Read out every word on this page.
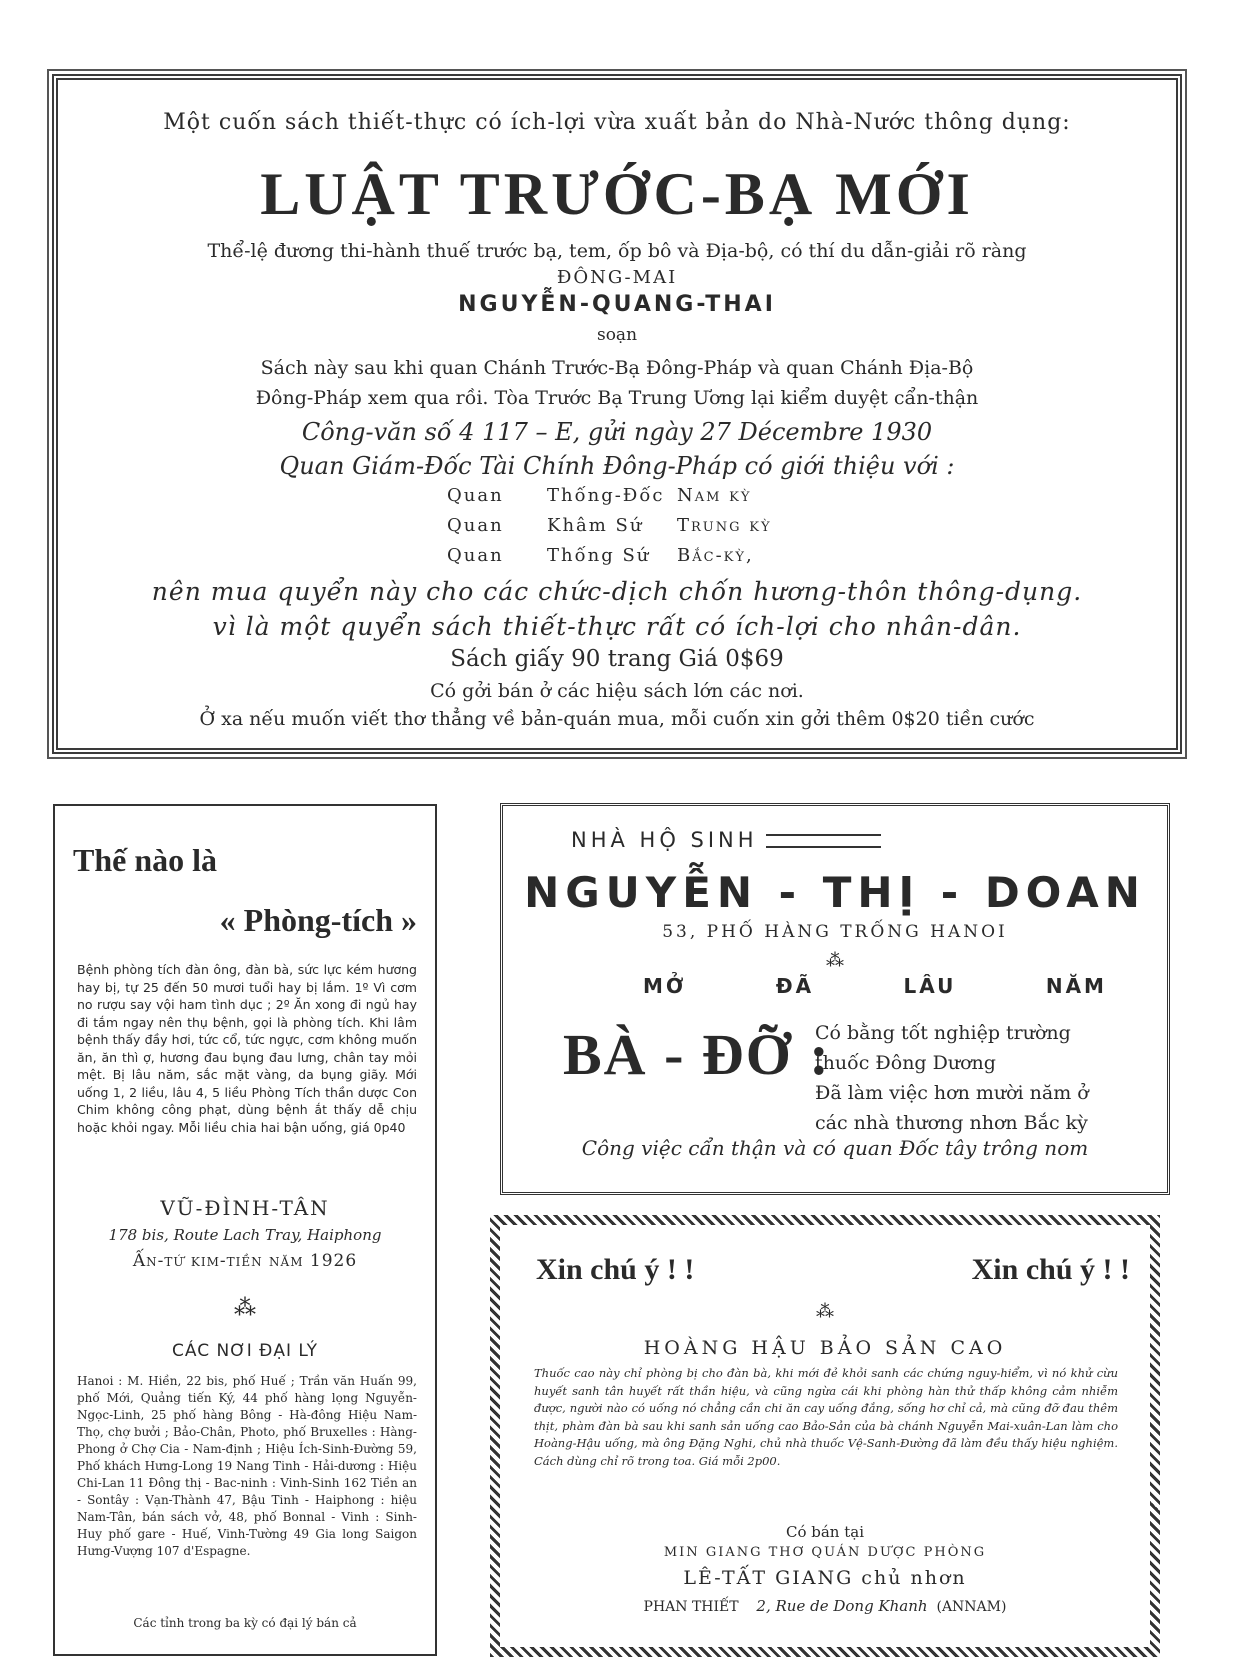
Một cuốn sách thiết-thực có ích-lợi vừa xuất bản do Nhà-Nước thông dụng:
LUẬT TRƯỚC-BẠ MỚI
Thể-lệ đương thi-hành thuế trước bạ, tem, ốp bô và Địa-bộ, có thí du dẫn-giải rõ ràng
ĐÔNG-MAI
NGUYỄN-QUANG-THAI
soạn
Sách này sau khi quan Chánh Trước-Bạ Đông-Pháp và quan Chánh Địa-Bộ
Đông-Pháp xem qua rồi. Tòa Trước Bạ Trung Ương lại kiểm duyệt cẩn-thận
Công-văn số 4 117 – E, gửi ngày 27 Décembre 1930
Quan Giám-Đốc Tài Chính Đông-Pháp có giới thiệu với :
Quan Thống-Đốc Nam kỳ
Quan Khâm Sứ Trung kỳ
Quan Thống Sứ Bắc-kỳ,
nên mua quyển này cho các chức-dịch chốn hương-thôn thông-dụng.
vì là một quyển sách thiết-thực rất có ích-lợi cho nhân-dân.
Sách giấy 90 trang Giá 0$69
Có gởi bán ở các hiệu sách lớn các nơi.
Ở xa nếu muốn viết thơ thẳng về bản-quán mua, mỗi cuốn xin gởi thêm 0$20 tiền cước
Thế nào là
« Phòng-tích »
Bệnh phòng tích đàn ông, đàn bà, sức lực kém hương hay bị, tự 25 đến 50 mươi tuổi hay bị lắm. 1º Vì cơm no rượu say vội ham tình dục ; 2º Ăn xong đi ngủ hay đi tắm ngay nên thụ bệnh, gọi là phòng tích. Khi lâm bệnh thấy đầy hơi, tức cổ, tức ngực, cơm không muốn ăn, ăn thì ợ, hương đau bụng đau lưng, chân tay mỏi mệt. Bị lâu năm, sắc mặt vàng, da bụng giãy. Mới uống 1, 2 liều, lâu 4, 5 liều Phòng Tích thần dược Con Chim không công phạt, dùng bệnh ắt thấy dễ chịu hoặc khỏi ngay. Mỗi liều chia hai bận uống, giá 0p40
VŨ-ĐÌNH-TÂN
178 bis, Route Lach Tray, Haiphong
Ấn-tứ kim-tiền năm 1926
⁂
CÁC NƠI ĐẠI LÝ
Hanoi : M. Hiền, 22 bis, phố Huế ; Trần văn Huấn 99, phố Mới, Quảng tiến Ký, 44 phố hàng lọng Nguyễn-Ngọc-Linh, 25 phố hàng Bông - Hà-đông Hiệu Nam-Thọ, chợ bưởi ; Bảo-Chân, Photo, phố Bruxelles : Hàng-Phong ở Chợ Cia - Nam-định ; Hiệu Ích-Sinh-Đường 59, Phố khách Hưng-Long 19 Nang Tinh - Hải-dương : Hiệu Chi-Lan 11 Đông thị - Bac-ninh : Vinh-Sinh 162 Tiền an - Sontây : Vạn-Thành 47, Bậu Tinh - Haiphong : hiệu Nam-Tân, bán sách vở, 48, phố Bonnal - Vinh : Sinh-Huy phố gare - Huế, Vinh-Tường 49 Gia long Saigon Hưng-Vượng 107 d'Espagne.
Các tỉnh trong ba kỳ có đại lý bán cả
NHÀ HỘ SINH
NGUYỄN - THỊ - DOAN
53, PHỐ HÀNG TRỐNG HANOI
⁂
MỞ	ĐÃ	LÂU	NĂM
BÀ - ĐỠ :
Có bằng tốt nghiệp trường
thuốc Đông Dương
Đã làm việc hơn mười năm ở
các nhà thương nhơn Bắc kỳ
Công việc cẩn thận và có quan Đốc tây trông nom
Xin chú ý ! !	Xin chú ý ! !
⁂
HOÀNG HẬU BẢO SẢN CAO
Thuốc cao này chỉ phòng bị cho đàn bà, khi mới đẻ khỏi sanh các chứng nguy-hiểm, vì nó khử cừu huyết sanh tân huyết rất thần hiệu, và cũng ngừa cái khi phòng hàn thử thấp không cảm nhiễm được, người nào có uống nó chẳng cần chi ăn cay uống đắng, sống hơ chỉ cả, mà cũng đỡ đau thêm thịt, phàm đàn bà sau khi sanh sản uống cao Bảo-Sản của bà chánh Nguyễn Mai-xuân-Lan làm cho Hoàng-Hậu uống, mà ông Đặng Nghi, chủ nhà thuốc Vệ-Sanh-Đường đã làm đều thấy hiệu nghiệm. Cách dùng chỉ rõ trong toa. Giá mỗi 2p00.
Có bán tại
MIN GIANG THƠ QUÁN DƯỢC PHÒNG
LÊ-TẤT GIANG chủ nhơn
PHAN THIẾT 2, Rue de Dong Khanh (ANNAM)
